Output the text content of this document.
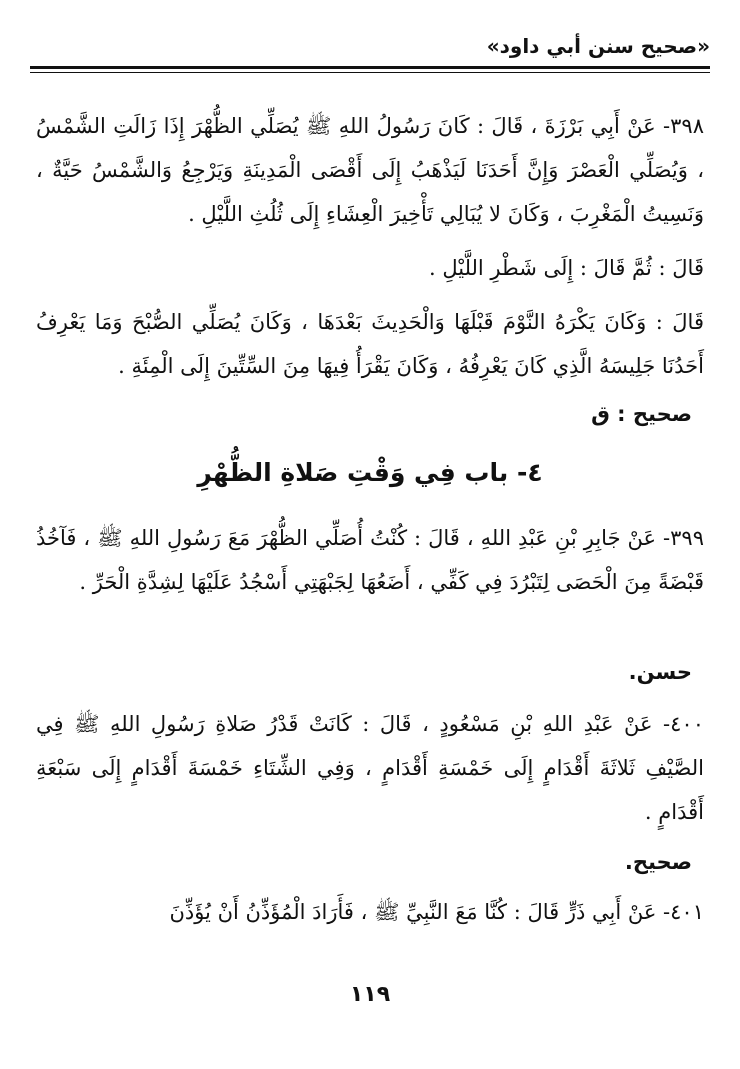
«صحيح سنن أبي داود»
٣٩٨- عَنْ أَبِي بَرْزَةَ ، قَالَ : كَانَ رَسُولُ اللهِ ﷺ يُصَلِّي الظُّهْرَ إِذَا زَالَتِ الشَّمْسُ ، وَيُصَلِّي الْعَصْرَ وَإِنَّ أَحَدَنَا لَيَذْهَبُ إِلَى أَقْصَى الْمَدِينَةِ وَيَرْجِعُ وَالشَّمْسُ حَيَّةٌ ، وَنَسِيتُ الْمَغْرِبَ ، وَكَانَ لا يُبَالِي تَأْخِيرَ الْعِشَاءِ إِلَى ثُلُثِ اللَّيْلِ .
قَالَ : ثُمَّ قَالَ : إِلَى شَطْرِ اللَّيْلِ .
قَالَ : وَكَانَ يَكْرَهُ النَّوْمَ قَبْلَهَا وَالْحَدِيثَ بَعْدَهَا ، وَكَانَ يُصَلِّي الصُّبْحَ وَمَا يَعْرِفُ أَحَدُنَا جَلِيسَهُ الَّذِي كَانَ يَعْرِفُهُ ، وَكَانَ يَقْرَأُ فِيهَا مِنَ السِّتِّينَ إِلَى الْمِئَةِ .
صحيح : ق
٤- باب فِي وَقْتِ صَلاةِ الظُّهْرِ
٣٩٩- عَنْ جَابِرِ بْنِ عَبْدِ اللهِ ، قَالَ : كُنْتُ أُصَلِّي الظُّهْرَ مَعَ رَسُولِ اللهِ ﷺ ، فَآخُذُ قَبْضَةً مِنَ الْحَصَى لِتَبْرُدَ فِي كَفِّي ، أَضَعُهَا لِجَبْهَتِي أَسْجُدُ عَلَيْهَا لِشِدَّةِ الْحَرِّ .
حسن.
٤٠٠- عَنْ عَبْدِ اللهِ بْنِ مَسْعُودٍ ، قَالَ : كَانَتْ قَدْرُ صَلاةِ رَسُولِ اللهِ ﷺ فِي الصَّيْفِ ثَلاثَةَ أَقْدَامٍ إِلَى خَمْسَةِ أَقْدَامٍ ، وَفِي الشِّتَاءِ خَمْسَةَ أَقْدَامٍ إِلَى سَبْعَةِ أَقْدَامٍ .
صحيح.
٤٠١- عَنْ أَبِي ذَرٍّ قَالَ : كُنَّا مَعَ النَّبِيِّ ﷺ ، فَأَرَادَ الْمُؤَذِّنُ أَنْ يُؤَذِّنَ
١١٩
